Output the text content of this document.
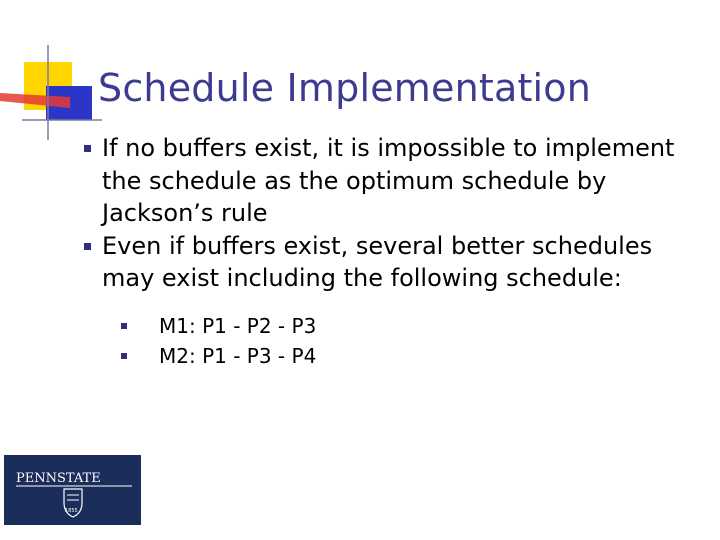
Schedule Implementation
If no buffers exist, it is impossible to implement the schedule as the optimum schedule by Jackson’s rule
Even if buffers exist, several better schedules may exist including the following schedule:
M1: P1 - P2 - P3
M2: P1 - P3 - P4
PENNSTATE
1855
